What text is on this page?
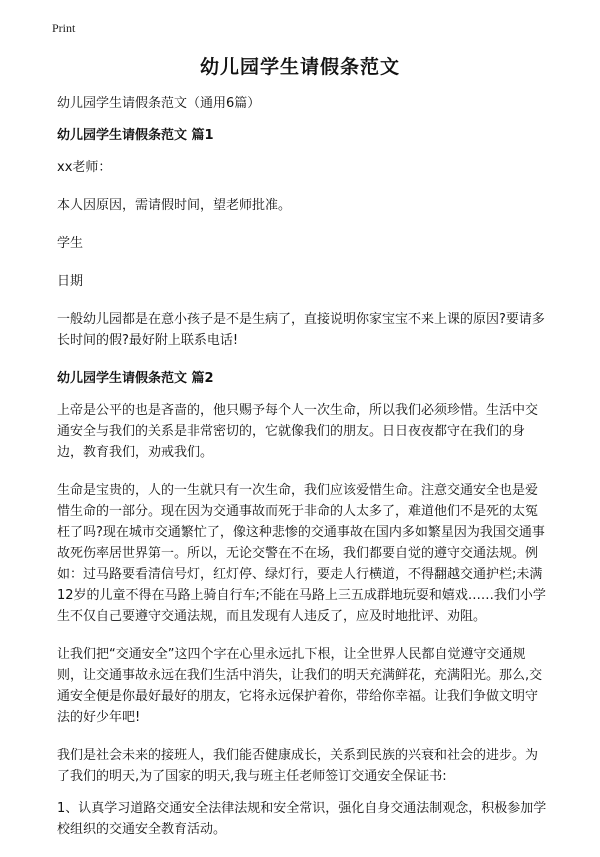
Print
幼儿园学生请假条范文

幼儿园学生请假条范文（通用6篇）

幼儿园学生请假条范文 篇1

xx老师：

本人因原因，需请假时间，望老师批准。

学生

日期

一般幼儿园都是在意小孩子是不是生病了，直接说明你家宝宝不来上课的原因?要请多长时间的假?最好附上联系电话!

幼儿园学生请假条范文 篇2

上帝是公平的也是吝啬的，他只赐予每个人一次生命，所以我们必须珍惜。生活中交通安全与我们的关系是非常密切的，它就像我们的朋友。日日夜夜都守在我们的身边，教育我们，劝戒我们。

生命是宝贵的，人的一生就只有一次生命，我们应该爱惜生命。注意交通安全也是爱惜生命的一部分。现在因为交通事故而死于非命的人太多了，难道他们不是死的太冤枉了吗?现在城市交通繁忙了，像这种悲惨的交通事故在国内多如繁星因为我国交通事故死伤率居世界第一。所以，无论交警在不在场，我们都要自觉的遵守交通法规。例如：过马路要看清信号灯，红灯停、绿灯行，要走人行横道，不得翻越交通护栏;未满12岁的儿童不得在马路上骑自行车;不能在马路上三五成群地玩耍和嬉戏……我们小学生不仅自己要遵守交通法规，而且发现有人违反了，应及时地批评、劝阻。

让我们把“交通安全”这四个字在心里永远扎下根，让全世界人民都自觉遵守交通规则，让交通事故永远在我们生活中消失，让我们的明天充满鲜花，充满阳光。那么,交通安全便是你最好最好的朋友，它将永远保护着你，带给你幸福。让我们争做文明守法的好少年吧!

我们是社会未来的接班人，我们能否健康成长，关系到民族的兴衰和社会的进步。为了我们的明天,为了国家的明天,我与班主任老师签订交通安全保证书:

1、认真学习道路交通安全法律法规和安全常识，强化自身交通法制观念，积极参加学校组织的交通安全教育活动。
